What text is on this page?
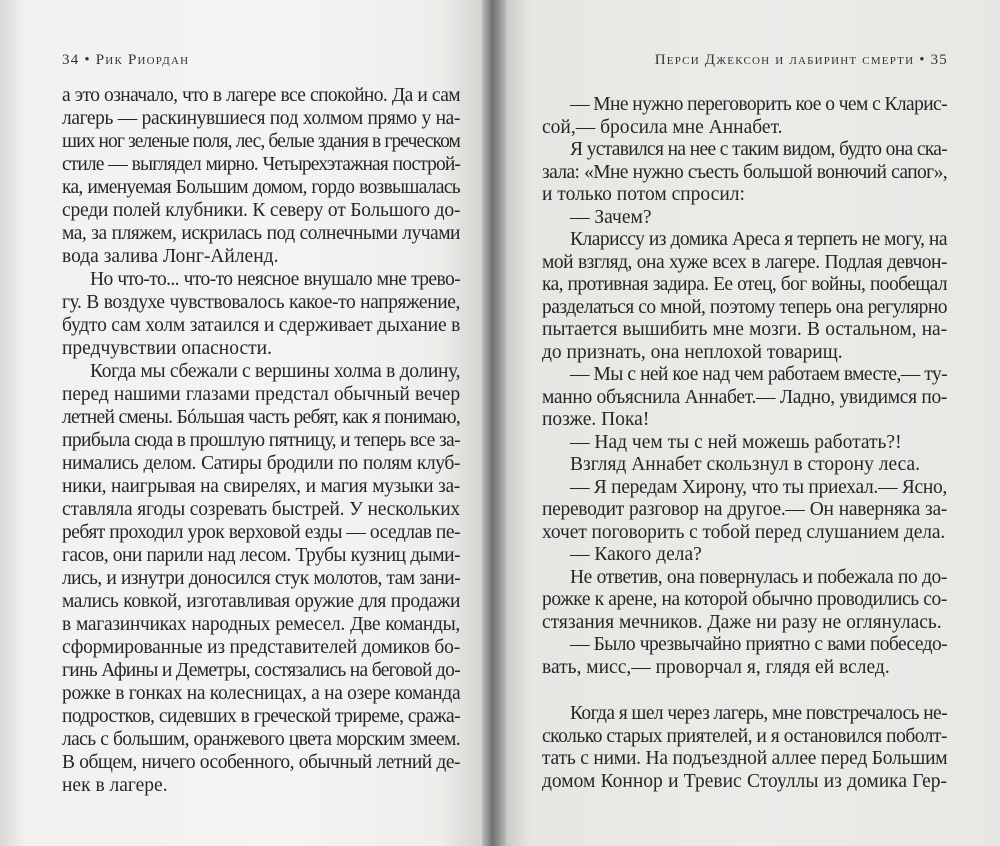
34 • Рик Риордан
а это означало, что в лагере все спокойно. Да и сам
лагерь — раскинувшиеся под холмом прямо у на-
ших ног зеленые поля, лес, белые здания в греческом
стиле — выглядел мирно. Четырехэтажная построй-
ка, именуемая Большим домом, гордо возвышалась
среди полей клубники. К северу от Большого до-
ма, за пляжем, искрилась под солнечными лучами
вода залива Лонг-Айленд.
Но что-то... что-то неясное внушало мне трево-
гу. В воздухе чувствовалось какое-то напряжение,
будто сам холм затаился и сдерживает дыхание в
предчувствии опасности.
Когда мы сбежали с вершины холма в долину,
перед нашими глазами предстал обычный вечер
летней смены. Бóльшая часть ребят, как я понимаю,
прибыла сюда в прошлую пятницу, и теперь все за-
нимались делом. Сатиры бродили по полям клуб-
ники, наигрывая на свирелях, и магия музыки за-
ставляла ягоды созревать быстрей. У нескольких
ребят проходил урок верховой езды — оседлав пе-
гасов, они парили над лесом. Трубы кузниц дыми-
лись, и изнутри доносился стук молотов, там зани-
мались ковкой, изготавливая оружие для продажи
в магазинчиках народных ремесел. Две команды,
сформированные из представителей домиков бо-
гинь Афины и Деметры, состязались на беговой до-
рожке в гонках на колесницах, а на озере команда
подростков, сидевших в греческой триреме, сража-
лась с большим, оранжевого цвета морским змеем.
В общем, ничего особенного, обычный летний де-
нек в лагере.
Перси Джексон и лабиринт смерти • 35
— Мне нужно переговорить кое о чем с Кларис-
сой,— бросила мне Аннабет.
Я уставился на нее с таким видом, будто она ска-
зала: «Мне нужно съесть большой вонючий сапог»,
и только потом спросил:
— Зачем?
Клариссу из домика Ареса я терпеть не могу, на
мой взгляд, она хуже всех в лагере. Подлая девчон-
ка, противная задира. Ее отец, бог войны, пообещал
разделаться со мной, поэтому теперь она регулярно
пытается вышибить мне мозги. В остальном, на-
до признать, она неплохой товарищ.
— Мы с ней кое над чем работаем вместе,— ту-
манно объяснила Аннабет.— Ладно, увидимся по-
позже. Пока!
— Над чем ты с ней можешь работать?!
Взгляд Аннабет скользнул в сторону леса.
— Я передам Хирону, что ты приехал.— Ясно,
переводит разговор на другое.— Он наверняка за-
хочет поговорить с тобой перед слушанием дела.
— Какого дела?
Не ответив, она повернулась и побежала по до-
рожке к арене, на которой обычно проводились со-
стязания мечников. Даже ни разу не оглянулась.
— Было чрезвычайно приятно с вами побеседо-
вать, мисс,— проворчал я, глядя ей вслед.
Когда я шел через лагерь, мне повстречалось не-
сколько старых приятелей, и я остановился поболт-
тать с ними. На подъездной аллее перед Большим
домом Коннор и Тревис Стоуллы из домика Гер-
